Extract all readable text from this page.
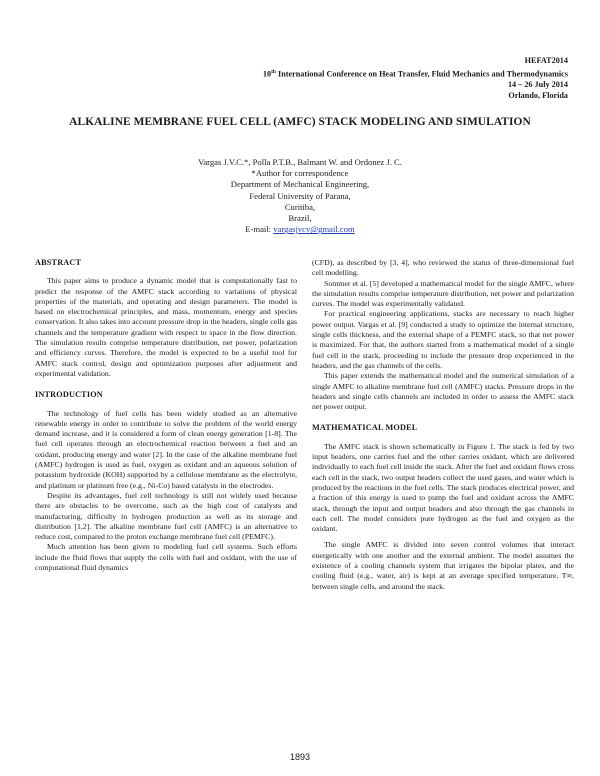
HEFAT2014
10th International Conference on Heat Transfer, Fluid Mechanics and Thermodynamics
14 – 26 July 2014
Orlando, Florida
ALKALINE MEMBRANE FUEL CELL (AMFC) STACK MODELING AND SIMULATION
Vargas J.V.C.*, Polla P.T.B., Balmant W. and Ordonez J. C.
*Author for correspondence
Department of Mechanical Engineering,
Federal University of Parana,
Curitiba,
Brazil,
E-mail: vargasjvcv@gmail.com
ABSTRACT

This paper aims to produce a dynamic model that is computationally fast to predict the response of the AMFC stack according to variations of physical properties of the materials, and operating and design parameters. The model is based on electrochemical principles, and mass, momentum, energy and species conservation. It also takes into account pressure drop in the headers, single cells gas channels and the temperature gradient with respect to space in the flow direction. The simulation results comprise temperature distribution, net power, polarization and efficiency curves. Therefore, the model is expected to be a useful tool for AMFC stack control, design and optimization purposes after adjustment and experimental validation.

INTRODUCTION

The technology of fuel cells has been widely studied as an alternative renewable energy in order to contribute to solve the problem of the world energy demand increase, and it is considered a form of clean energy generation [1-8]. The fuel cell operates through an electrochemical reaction between a fuel and an oxidant, producing energy and water [2]. In the case of the alkaline membrane fuel (AMFC) hydrogen is used as fuel, oxygen as oxidant and an aqueous solution of potassium hydroxide (KOH) supported by a cellulose membrane as the electrolyte, and platinum or platinum free (e.g., Ni-Co) based catalysts in the electrodes.

Despite its advantages, fuel cell technology is still not widely used because there are obstacles to be overcome, such as the high cost of catalysts and manufacturing, difficulty in hydrogen production as well as its storage and distribution [1,2]. The alkaline membrane fuel cell (AMFC) is an alternative to reduce cost, compared to the proton exchange membrane fuel cell (PEMFC).

Much attention has been given to modeling fuel cell systems. Such efforts include the fluid flows that supply the cells with fuel and oxidant, with the use of computational fluid dynamics

(CFD), as described by [3, 4], who reviewed the status of three-dimensional fuel cell modelling.

Sommer et al. [5] developed a mathematical model for the single AMFC, where the simulation results comprise temperature distribution, net power and polarization curves. The model was experimentally validated.

For practical engineering applications, stacks are necessary to reach higher power output. Vargas et al. [9] conducted a study to optimize the internal structure, single cells thickness, and the external shape of a PEMFC stack, so that net power is maximized. For that, the authors started from a mathematical model of a single fuel cell in the stack, proceeding to include the pressure drop experienced in the headers, and the gas channels of the cells.

This paper extends the mathematical model and the numerical simulation of a single AMFC to alkaline membrane fuel cell (AMFC) stacks. Pressure drops in the headers and single cells channels are included in order to assess the AMFC stack net power output.

MATHEMATICAL MODEL

The AMFC stack is shown schematically in Figure 1. The stack is fed by two input headers, one carries fuel and the other carries oxidant, which are delivered individually to each fuel cell inside the stack. After the fuel and oxidant flows cross each cell in the stack, two output headers collect the used gases, and water which is produced by the reactions in the fuel cells. The stack produces electrical power, and a fraction of this energy is used to pump the fuel and oxidant across the AMFC stack, through the input and output headers and also through the gas channels in each cell. The model considers pure hydrogen as the fuel and oxygen as the oxidant.

The single AMFC is divided into seven control volumes that interact energetically with one another and the external ambient. The model assumes the existence of a cooling channels system that irrigates the bipolar plates, and the cooling fluid (e.g., water, air) is kept at an average specified temperature, T∞, between single cells, and around the stack.

1893
